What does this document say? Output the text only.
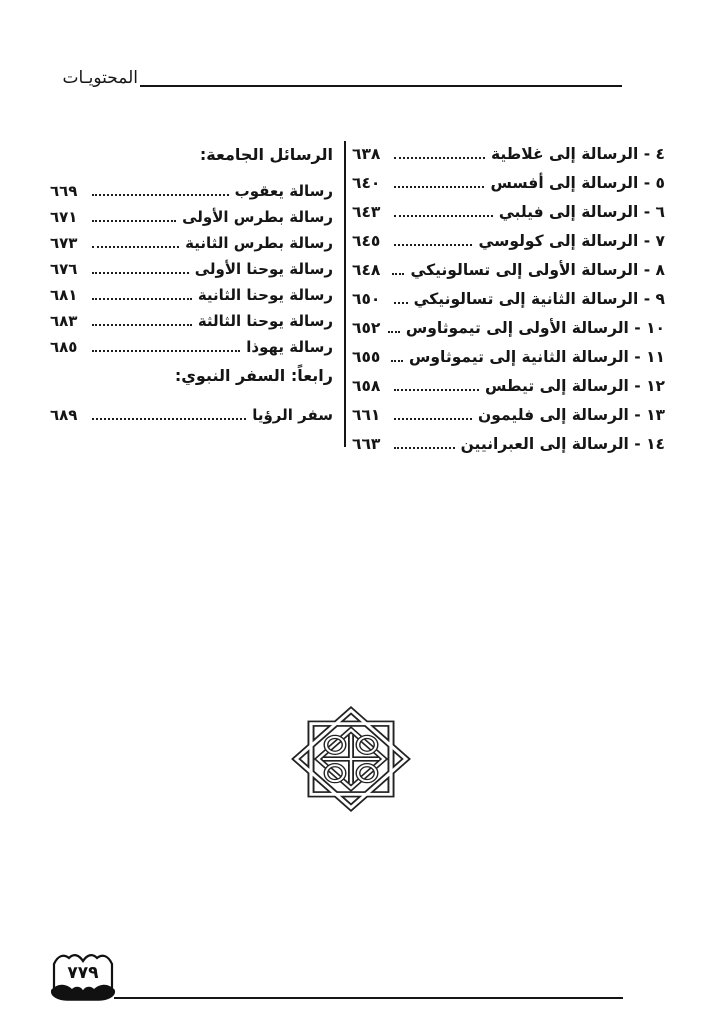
المحتويـات
٤ - الرسالة إلى غلاطية
٦٣٨
٥ - الرسالة إلى أفسس
٦٤٠
٦ - الرسالة إلى فيلبي
٦٤٣
٧ - الرسالة إلى كولوسي
٦٤٥
٨ - الرسالة الأولى إلى تسالونيكي
٦٤٨
٩ - الرسالة الثانية إلى تسالونيكي
٦٥٠
١٠ - الرسالة الأولى إلى تيموثاوس
٦٥٢
١١ - الرسالة الثانية إلى تيموثاوس
٦٥٥
١٢ - الرسالة إلى تيطس
٦٥٨
١٣ - الرسالة إلى فليمون
٦٦١
١٤ - الرسالة إلى العبرانيين
٦٦٣
الرسائل الجامعة:
رسالة يعقوب
٦٦٩
رسالة بطرس الأولى
٦٧١
رسالة بطرس الثانية
٦٧٣
رسالة يوحنا الأولى
٦٧٦
رسالة يوحنا الثانية
٦٨١
رسالة يوحنا الثالثة
٦٨٣
رسالة يهوذا
٦٨٥
رابعاً: السفر النبوي:
سفر الرؤيا
٦٨٩
٧٧٩
